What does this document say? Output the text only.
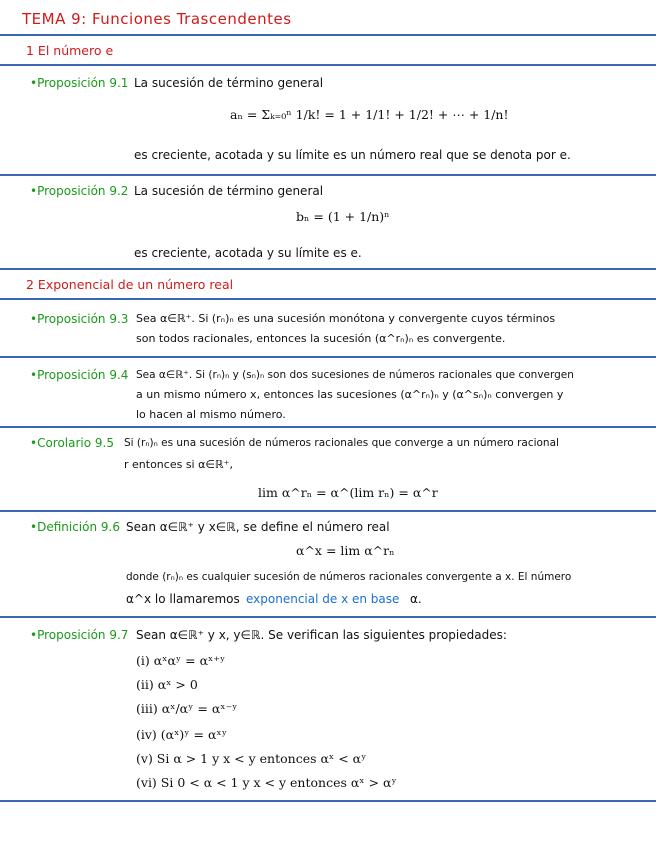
TEMA 9: Funciones Trascendentes
1 El número e
•Proposición 9.1 La sucesión de término general
aₙ = Σₖ₌₀ⁿ 1/k! = 1 + 1/1! + 1/2! + ⋯ + 1/n!
es creciente, acotada y su límite es un número real que se denota por e.
•Proposición 9.2 La sucesión de término general
bₙ = (1 + 1/n)ⁿ
es creciente, acotada y su límite es e.
2 Exponencial de un número real
•Proposición 9.3 Sea α∈ℝ⁺. Si (rₙ)ₙ es una sucesión monótona y convergente cuyos términos
son todos racionales, entonces la sucesión (α^rₙ)ₙ es convergente.
•Proposición 9.4 Sea α∈ℝ⁺. Si (rₙ)ₙ y (sₙ)ₙ son dos sucesiones de números racionales que convergen
a un mismo número x, entonces las sucesiones (α^rₙ)ₙ y (α^sₙ)ₙ convergen y
lo hacen al mismo número.
•Corolario 9.5 Si (rₙ)ₙ es una sucesión de números racionales que converge a un número racional
r entonces si α∈ℝ⁺,
lim α^rₙ = α^(lim rₙ) = α^r
•Definición 9.6 Sean α∈ℝ⁺ y x∈ℝ, se define el número real
α^x = lim α^rₙ
donde (rₙ)ₙ es cualquier sucesión de números racionales convergente a x. El número
α^x lo llamaremos exponencial de x en base α.
•Proposición 9.7 Sean α∈ℝ⁺ y x, y∈ℝ. Se verifican las siguientes propiedades:
(i) αˣαʸ = αˣ⁺ʸ
(ii) αˣ > 0
(iii) αˣ/αʸ = αˣ⁻ʸ
(iv) (αˣ)ʸ = αˣʸ
(v) Si α > 1 y x < y entonces αˣ < αʸ
(vi) Si 0 < α < 1 y x < y entonces αˣ > αʸ
